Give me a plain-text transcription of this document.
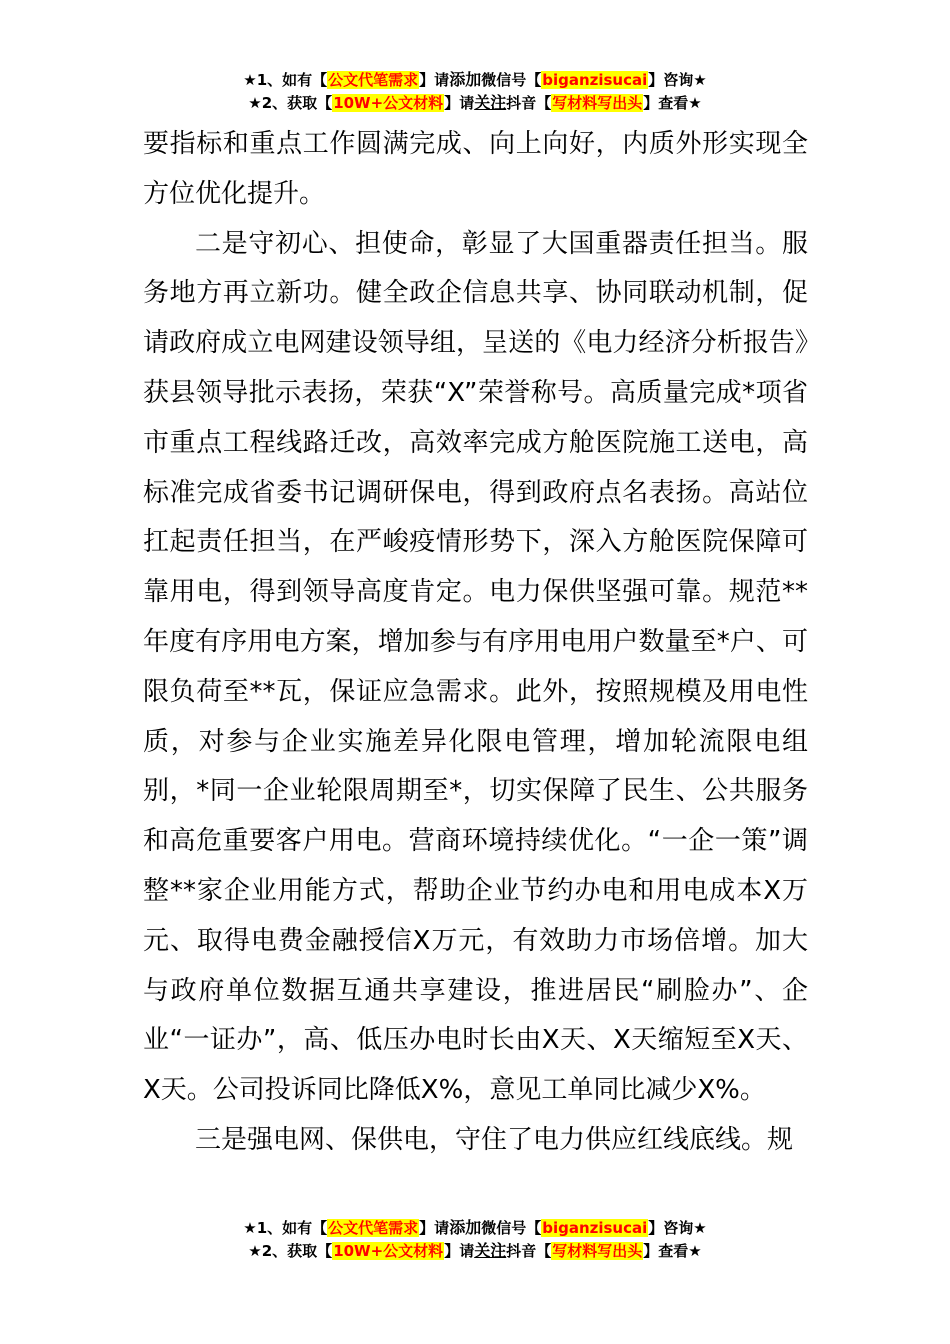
★1、如有【公文代笔需求】请添加微信号【biganzisucai】咨询★
★2、获取【10W+公文材料】请关注抖音【写材料写出头】查看★

要指标和重点工作圆满完成、向上向好，内质外形实现全方位优化提升。

二是守初心、担使命，彰显了大国重器责任担当。服务地方再立新功。健全政企信息共享、协同联动机制，促请政府成立电网建设领导组，呈送的《电力经济分析报告》获县领导批示表扬，荣获“X”荣誉称号。高质量完成*项省市重点工程线路迁改，高效率完成方舱医院施工送电，高标准完成省委书记调研保电，得到政府点名表扬。高站位扛起责任担当，在严峻疫情形势下，深入方舱医院保障可靠用电，得到领导高度肯定。电力保供坚强可靠。规范**年度有序用电方案，增加参与有序用电用户数量至*户、可限负荷至**瓦，保证应急需求。此外，按照规模及用电性质，对参与企业实施差异化限电管理，增加轮流限电组别，*同一企业轮限周期至*，切实保障了民生、公共服务和高危重要客户用电。营商环境持续优化。“一企一策”调整**家企业用能方式，帮助企业节约办电和用电成本X万元、取得电费金融授信X万元，有效助力市场倍增。加大与政府单位数据互通共享建设，推进居民“刷脸办”、企业“一证办”，高、低压办电时长由X天、X天缩短至X天、X天。公司投诉同比降低X%，意见工单同比减少X%。

三是强电网、保供电，守住了电力供应红线底线。规

★1、如有【公文代笔需求】请添加微信号【biganzisucai】咨询★
★2、获取【10W+公文材料】请关注抖音【写材料写出头】查看★
